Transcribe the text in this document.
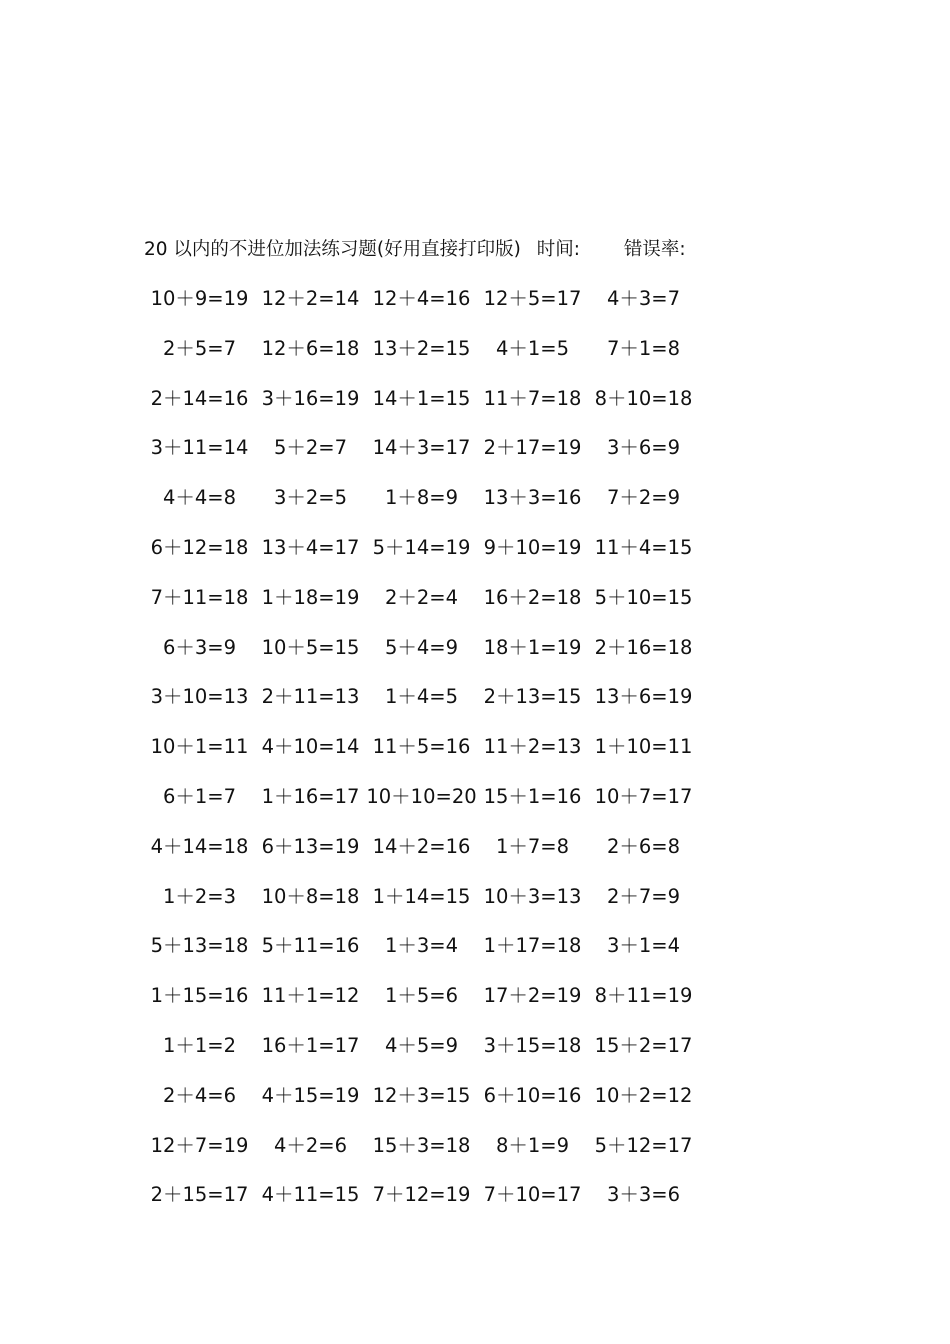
20 以内的不进位加法练习题(好用直接打印版) 时间: 错误率:
10＋9=19 12＋2=14 12＋4=16 12＋5=17	4＋3=7
2＋5=7	12＋6=18 13＋2=15	4＋1=5	7＋1=8
2＋14=16 3＋16=19 14＋1=15 11＋7=18 8＋10=18
3＋11=14	5＋2=7	14＋3=17 2＋17=19	3＋6=9
4＋4=8	3＋2=5	1＋8=9	13＋3=16	7＋2=9
6＋12=18 13＋4=17 5＋14=19 9＋10=19 11＋4=15
7＋11=18 1＋18=19	2＋2=4	16＋2=18 5＋10=15
6＋3=9	10＋5=15	5＋4=9	18＋1=19 2＋16=18
3＋10=13 2＋11=13	1＋4=5	2＋13=15 13＋6=19
10＋1=11 4＋10=14 11＋5=16 11＋2=13 1＋10=11
6＋1=7	1＋16=17 10＋10=20 15＋1=16 10＋7=17
4＋14=18 6＋13=19 14＋2=16	1＋7=8	2＋6=8
1＋2=3	10＋8=18 1＋14=15 10＋3=13	2＋7=9
5＋13=18 5＋11=16	1＋3=4	1＋17=18	3＋1=4
1＋15=16 11＋1=12	1＋5=6	17＋2=19 8＋11=19
1＋1=2	16＋1=17	4＋5=9	3＋15=18 15＋2=17
2＋4=6	4＋15=19 12＋3=15 6＋10=16 10＋2=12
12＋7=19	4＋2=6	15＋3=18	8＋1=9	5＋12=17
2＋15=17 4＋11=15 7＋12=19 7＋10=17	3＋3=6
